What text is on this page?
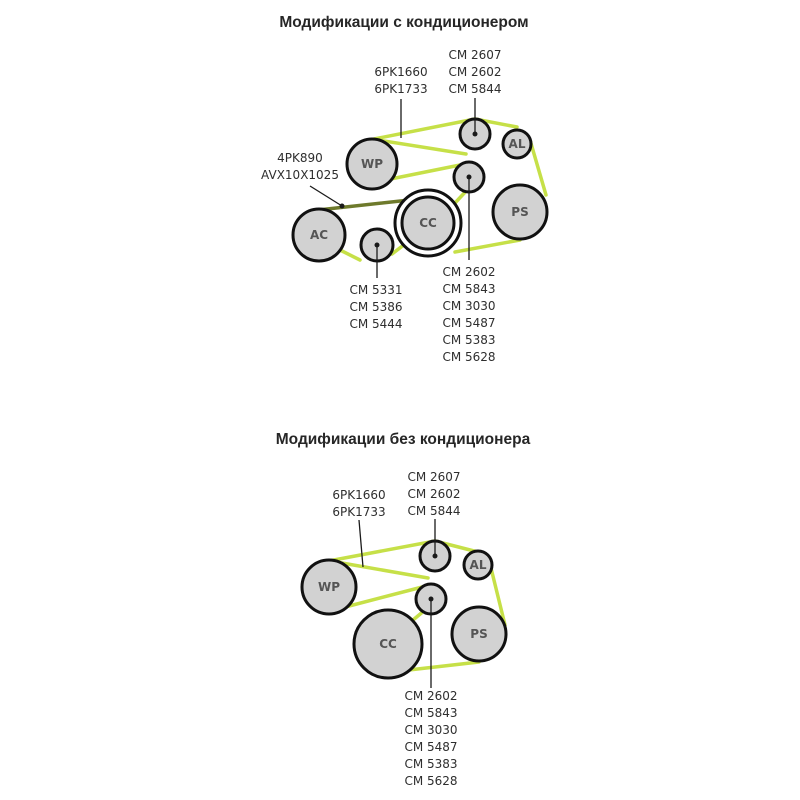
Модификации с кондиционером
WP
AL
PS
AC
CC
6PK1660
6PK1733
CM 2607
CM 2602
CM 5844
4PK890
AVX10X1025
CM 2602
CM 5843
CM 3030
CM 5487
CM 5383
CM 5628
CM 5331
CM 5386
CM 5444
Модификации без кондиционера
WP
AL
PS
CC
6PK1660
6PK1733
CM 2607
CM 2602
CM 5844
CM 2602
CM 5843
CM 3030
CM 5487
CM 5383
CM 5628
